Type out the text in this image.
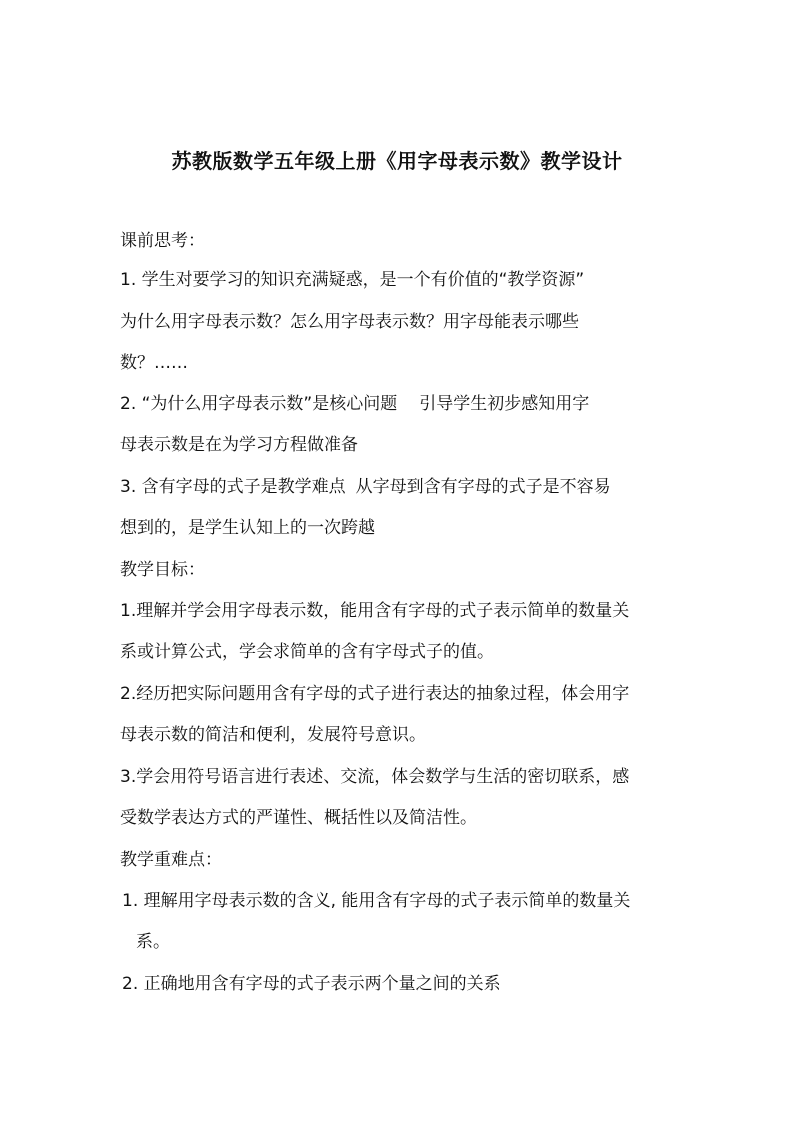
苏教版数学五年级上册《用字母表示数》教学设计
课前思考：
1. 学生对要学习的知识充满疑惑，是一个有价值的“教学资源”
为什么用字母表示数？怎么用字母表示数？用字母能表示哪些
数？……
2. “为什么用字母表示数”是核心问题 引导学生初步感知用字
母表示数是在为学习方程做准备
3. 含有字母的式子是教学难点 从字母到含有字母的式子是不容易
想到的，是学生认知上的一次跨越
教学目标：
1.理解并学会用字母表示数，能用含有字母的式子表示简单的数量关
系或计算公式，学会求简单的含有字母式子的值。
2.经历把实际问题用含有字母的式子进行表达的抽象过程，体会用字
母表示数的简洁和便利，发展符号意识。
3.学会用符号语言进行表述、交流，体会数学与生活的密切联系，感
受数学表达方式的严谨性、概括性以及简洁性。
教学重难点：
1. 理解用字母表示数的含义, 能用含有字母的式子表示简单的数量关
系。
2. 正确地用含有字母的式子表示两个量之间的关系
